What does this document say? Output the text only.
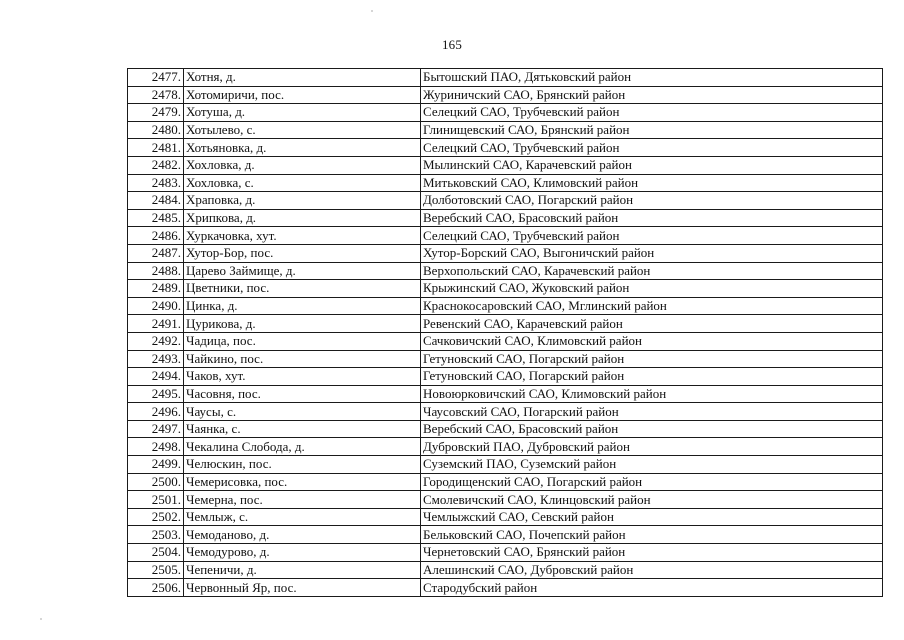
165
2477.	Хотня, д.	Бытошский ПАО, Дятьковский район
2478.	Хотомиричи, пос.	Журиничский САО, Брянский район
2479.	Хотуша, д.	Селецкий САО, Трубчевский район
2480.	Хотылево, с.	Глинищевский САО, Брянский район
2481.	Хотьяновка, д.	Селецкий САО, Трубчевский район
2482.	Хохловка, д.	Мылинский САО, Карачевский район
2483.	Хохловка, с.	Митьковский САО, Климовский район
2484.	Храповка, д.	Долботовский САО, Погарский район
2485.	Хрипкова, д.	Веребский САО, Брасовский район
2486.	Хуркачовка, хут.	Селецкий САО, Трубчевский район
2487.	Хутор-Бор, пос.	Хутор-Борский САО, Выгоничский район
2488.	Царево Займище, д.	Верхопольский САО, Карачевский район
2489.	Цветники, пос.	Крыжинский САО, Жуковский район
2490.	Цинка, д.	Краснокосаровский САО, Мглинский район
2491.	Цурикова, д.	Ревенский САО, Карачевский район
2492.	Чадица, пос.	Сачковичский САО, Климовский район
2493.	Чайкино, пос.	Гетуновский САО, Погарский район
2494.	Чаков, хут.	Гетуновский САО, Погарский район
2495.	Часовня, пос.	Новоюрковичский САО, Климовский район
2496.	Чаусы, с.	Чаусовский САО, Погарский район
2497.	Чаянка, с.	Веребский САО, Брасовский район
2498.	Чекалина Слобода, д.	Дубровский ПАО, Дубровский район
2499.	Челюскин, пос.	Суземский ПАО, Суземский район
2500.	Чемерисовка, пос.	Городищенский САО, Погарский район
2501.	Чемерна, пос.	Смолевичский САО, Клинцовский район
2502.	Чемлыж, с.	Чемлыжский САО, Севский район
2503.	Чемоданово, д.	Бельковский САО, Почепский район
2504.	Чемодурово, д.	Чернетовский САО, Брянский район
2505.	Чепеничи, д.	Алешинский САО, Дубровский район
2506.	Червонный Яр, пос.	Стародубский район
